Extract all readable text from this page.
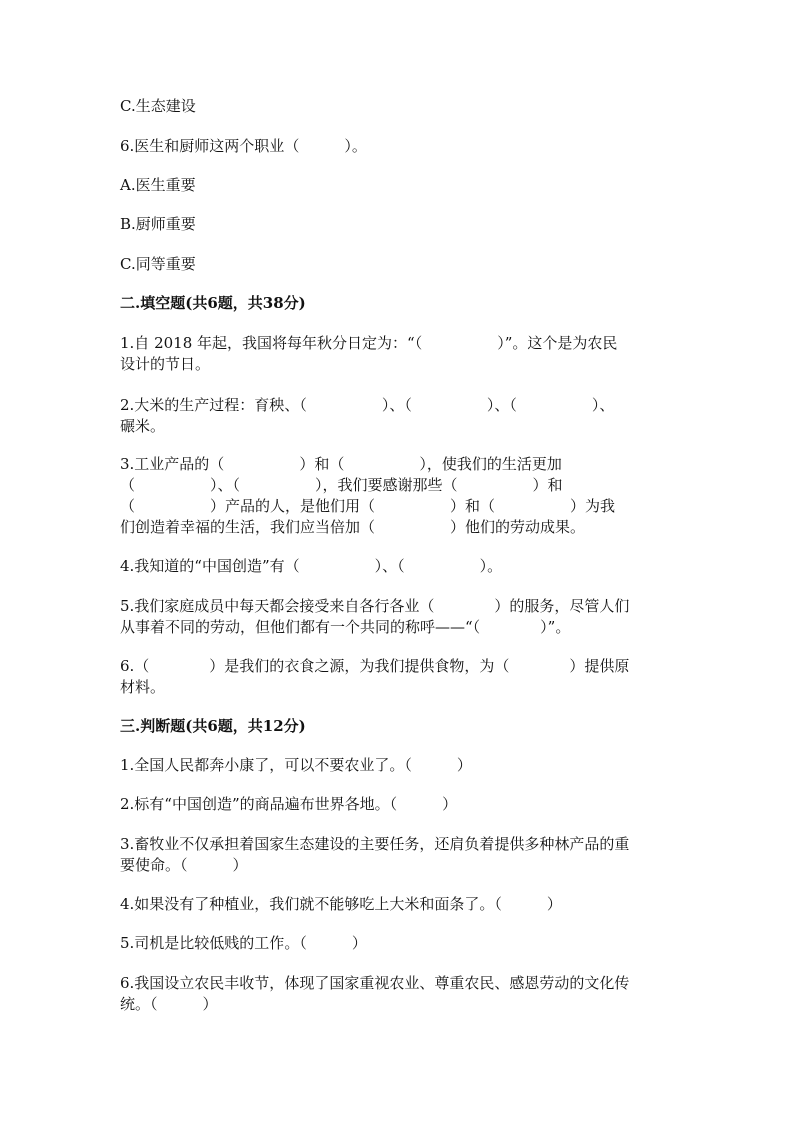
C.生态建设
6.医生和厨师这两个职业（　　　）。
A.医生重要
B.厨师重要
C.同等重要
二.填空题(共6题，共38分)
1.自 2018 年起，我国将每年秋分日定为：“（　　　　　）”。这个是为农民
设计的节日。
2.大米的生产过程：育秧、（　　　　　）、（　　　　　）、（　　　　　）、
碾米。
3.工业产品的（　　　　　）和（　　　　　），使我们的生活更加
（　　　　　）、（　　　　　），我们要感谢那些（　　　　　）和
（　　　　　）产品的人，是他们用（　　　　　）和（　　　　　）为我
们创造着幸福的生活，我们应当倍加（　　　　　）他们的劳动成果。
4.我知道的“中国创造”有（　　　　　）、（　　　　　）。
5.我们家庭成员中每天都会接受来自各行各业（　　　　）的服务，尽管人们
从事着不同的劳动，但他们都有一个共同的称呼——“（　　　　）”。
6.（　　　　）是我们的衣食之源，为我们提供食物，为（　　　　）提供原
材料。
三.判断题(共6题，共12分)
1.全国人民都奔小康了，可以不要农业了。（　　　）
2.标有“中国创造”的商品遍布世界各地。（　　　）
3.畜牧业不仅承担着国家生态建设的主要任务，还肩负着提供多种林产品的重
要使命。（　　　）
4.如果没有了种植业，我们就不能够吃上大米和面条了。（　　　）
5.司机是比较低贱的工作。（　　　）
6.我国设立农民丰收节，体现了国家重视农业、尊重农民、感恩劳动的文化传
统。（　　　）
